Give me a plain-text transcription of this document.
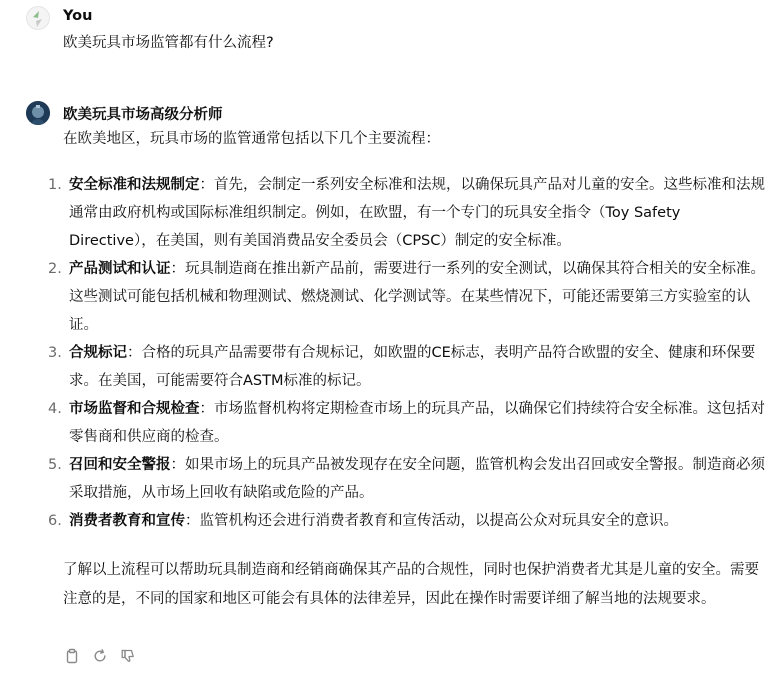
You
欧美玩具市场监管都有什么流程?
欧美玩具市场高级分析师
在欧美地区，玩具市场的监管通常包括以下几个主要流程：
1 . 安全标准和法规制定：首先，会制定一系列安全标准和法规，以确保玩具产品对儿童的安全。这些标准和法规通常由政府机构或国际标准组织制定。例如，在欧盟，有一个专门的玩具安全指令（Toy Safety Directive），在美国，则有美国消费品安全委员会（CPSC）制定的安全标准。
2 . 产品测试和认证：玩具制造商在推出新产品前，需要进行一系列的安全测试，以确保其符合相关的安全标准。这些测试可能包括机械和物理测试、燃烧测试、化学测试等。在某些情况下，可能还需要第三方实验室的认证。
3 . 合规标记：合格的玩具产品需要带有合规标记，如欧盟的CE标志，表明产品符合欧盟的安全、健康和环保要求。在美国，可能需要符合ASTM标准的标记。
4 . 市场监督和合规检查：市场监督机构将定期检查市场上的玩具产品，以确保它们持续符合安全标准。这包括对零售商和供应商的检查。
5 . 召回和安全警报：如果市场上的玩具产品被发现存在安全问题，监管机构会发出召回或安全警报。制造商必须采取措施，从市场上回收有缺陷或危险的产品。
6 . 消费者教育和宣传：监管机构还会进行消费者教育和宣传活动，以提高公众对玩具安全的意识。
了解以上流程可以帮助玩具制造商和经销商确保其产品的合规性，同时也保护消费者尤其是儿童的安全。需要注意的是，不同的国家和地区可能会有具体的法律差异，因此在操作时需要详细了解当地的法规要求。
